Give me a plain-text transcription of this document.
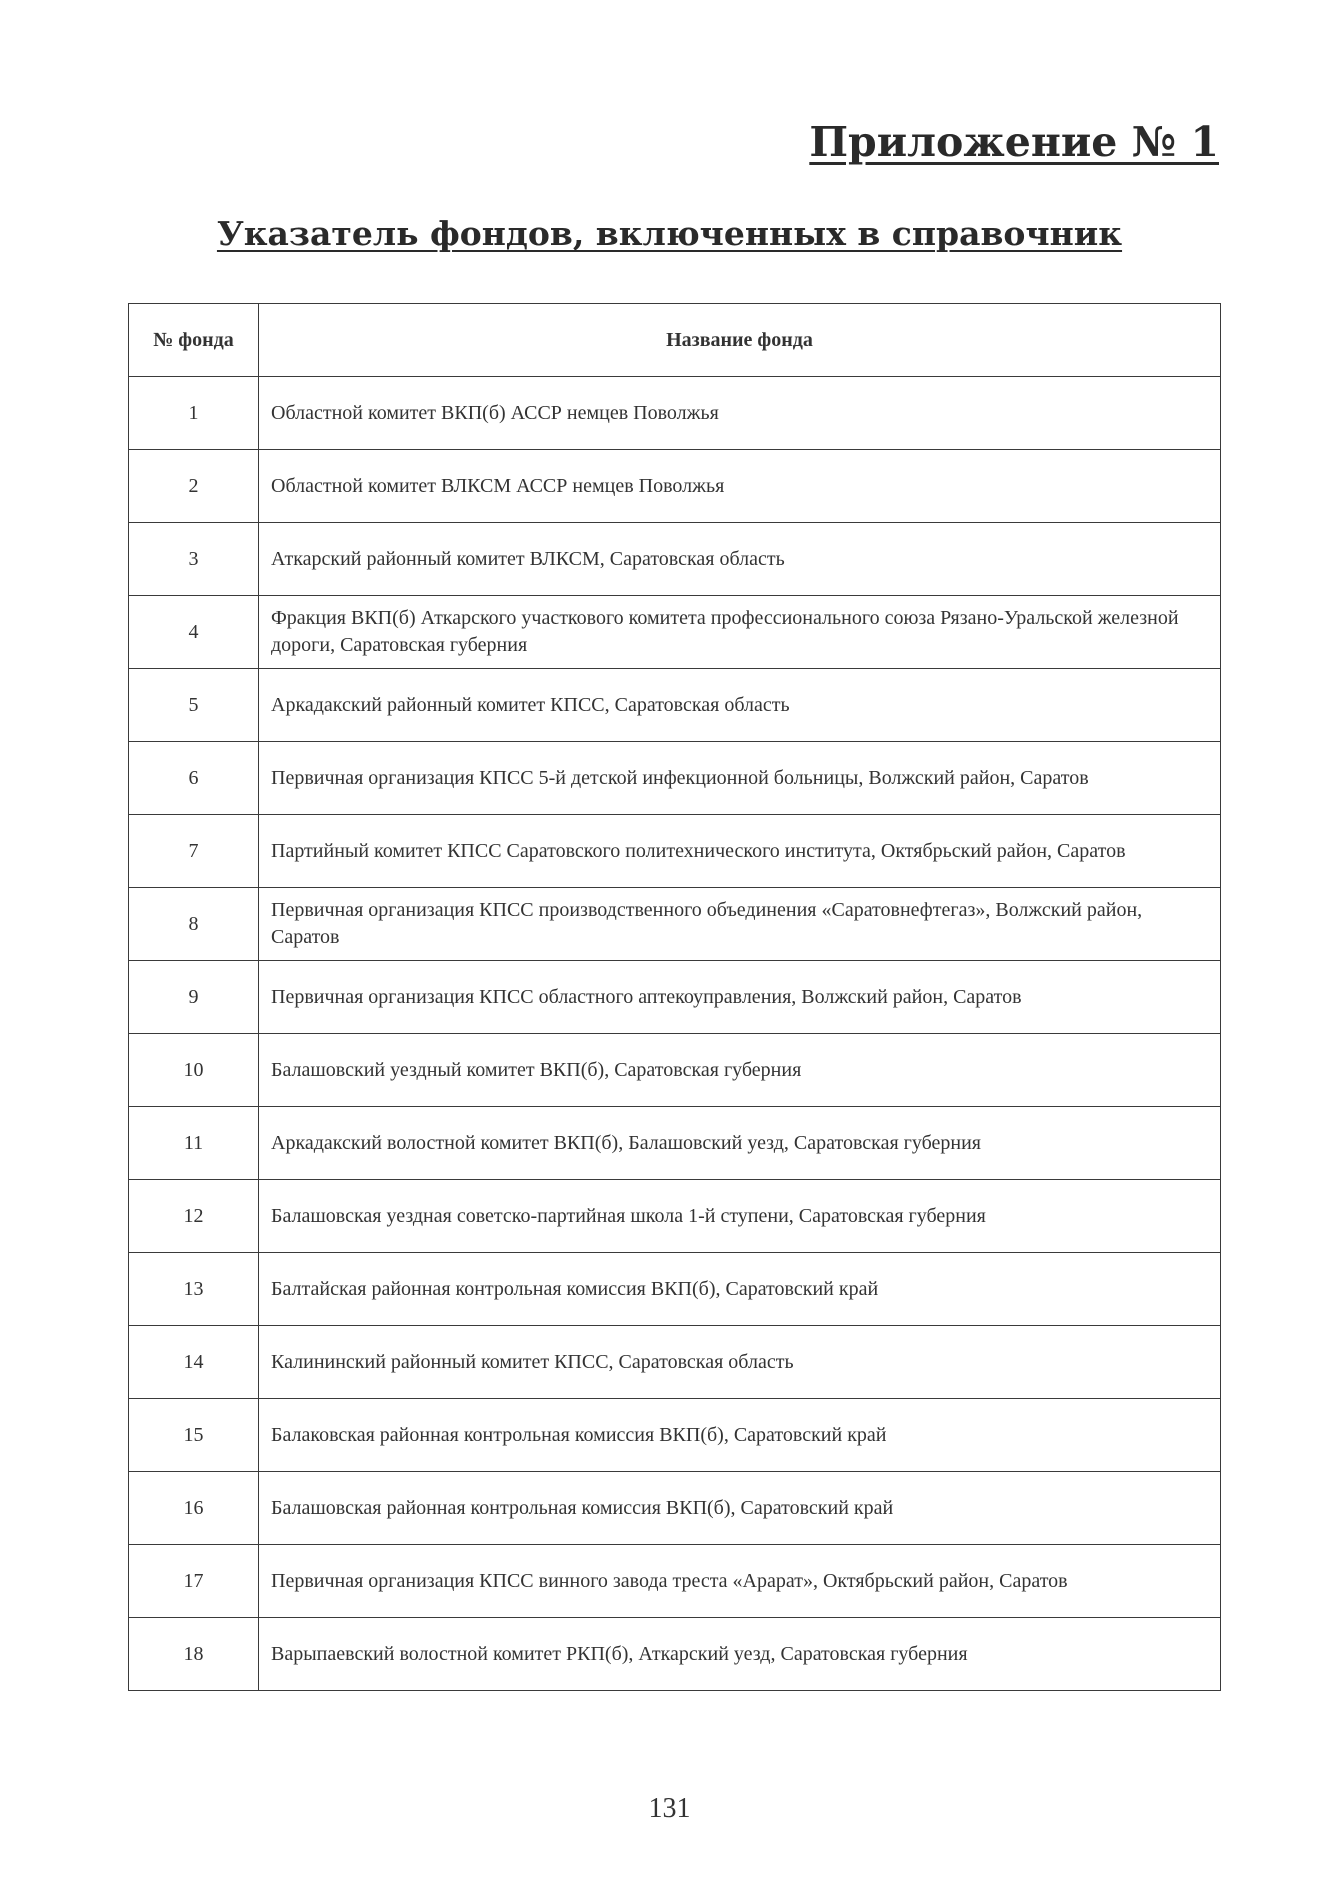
Приложение № 1
Указатель фондов, включенных в справочник
№ фонда	Название фонда
1	Областной комитет ВКП(б) АССР немцев Поволжья
2	Областной комитет ВЛКСМ АССР немцев Поволжья
3	Аткарский районный комитет ВЛКСМ, Саратовская область
4	Фракция ВКП(б) Аткарского участкового комитета профессионального союза Рязано-Уральской железной дороги, Саратовская губерния
5	Аркадакский районный комитет КПСС, Саратовская область
6	Первичная организация КПСС 5-й детской инфекционной больницы, Волжский район, Саратов
7	Партийный комитет КПСС Саратовского политехнического института, Октябрьский район, Саратов
8	Первичная организация КПСС производственного объединения «Саратовнефтегаз», Волжский район, Саратов
9	Первичная организация КПСС областного аптекоуправления, Волжский район, Саратов
10	Балашовский уездный комитет ВКП(б), Саратовская губерния
11	Аркадакский волостной комитет ВКП(б), Балашовский уезд, Саратовская губерния
12	Балашовская уездная советско-партийная школа 1-й ступени, Саратовская губерния
13	Балтайская районная контрольная комиссия ВКП(б), Саратовский край
14	Калининский районный комитет КПСС, Саратовская область
15	Балаковская районная контрольная комиссия ВКП(б), Саратовский край
16	Балашовская районная контрольная комиссия ВКП(б), Саратовский край
17	Первичная организация КПСС винного завода треста «Арарат», Октябрьский район, Саратов
18	Варыпаевский волостной комитет РКП(б), Аткарский уезд, Саратовская губерния
131
